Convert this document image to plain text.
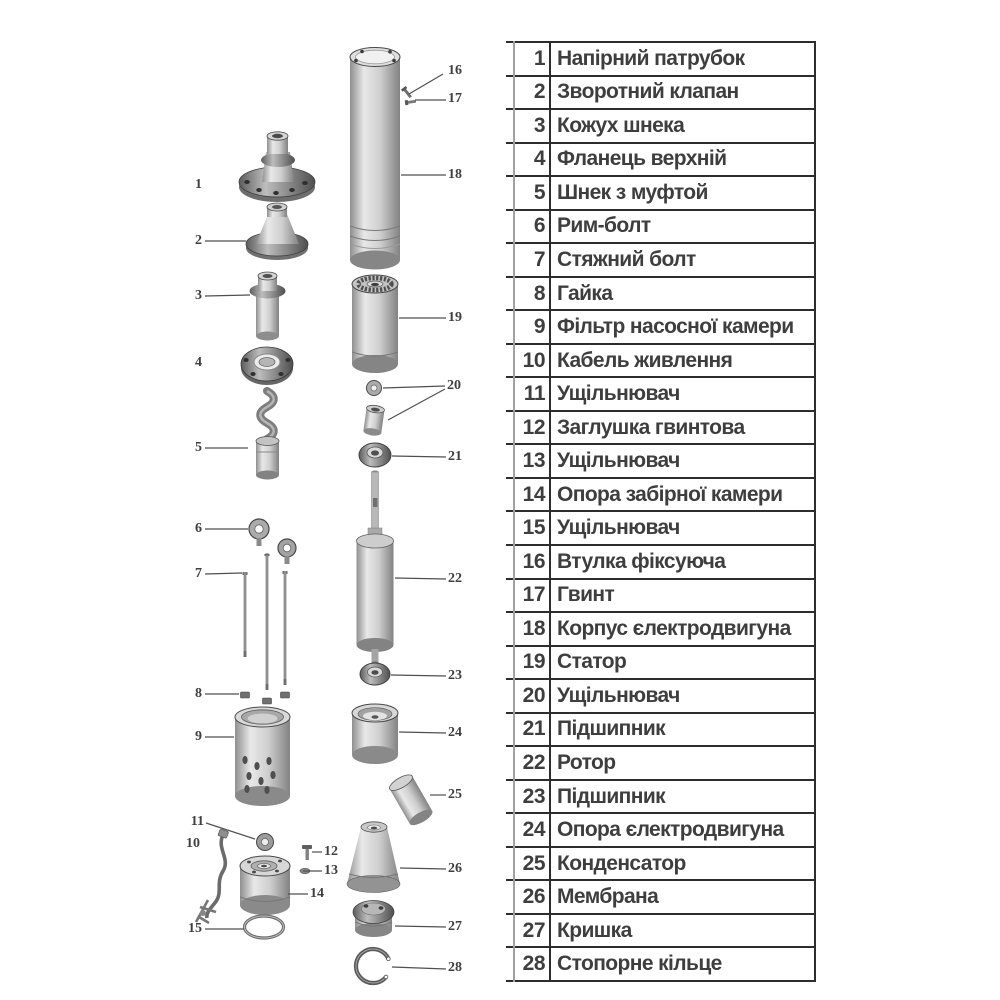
1
2
3
4
5
6
7
8
9
11
10
12
13
14
15
16
17
18
19
20
21
22
23
24
25
26
27
28
1 Напірний патрубок
2 Зворотний клапан
3 Кожух шнека
4 Фланець верхній
5 Шнек з муфтой
6 Рим-болт
7 Стяжний болт
8 Гайка
9 Фільтр насосної камери
10 Кабель живлення
11 Ущільнювач
12 Заглушка гвинтова
13 Ущільнювач
14 Опора забірної камери
15 Ущільнювач
16 Втулка фіксуюча
17 Гвинт
18 Корпус єлектродвигуна
19 Статор
20 Ущільнювач
21 Підшипник
22 Ротор
23 Підшипник
24 Опора єлектродвигуна
25 Конденсатор
26 Мембрана
27 Кришка
28 Стопорне кільце
